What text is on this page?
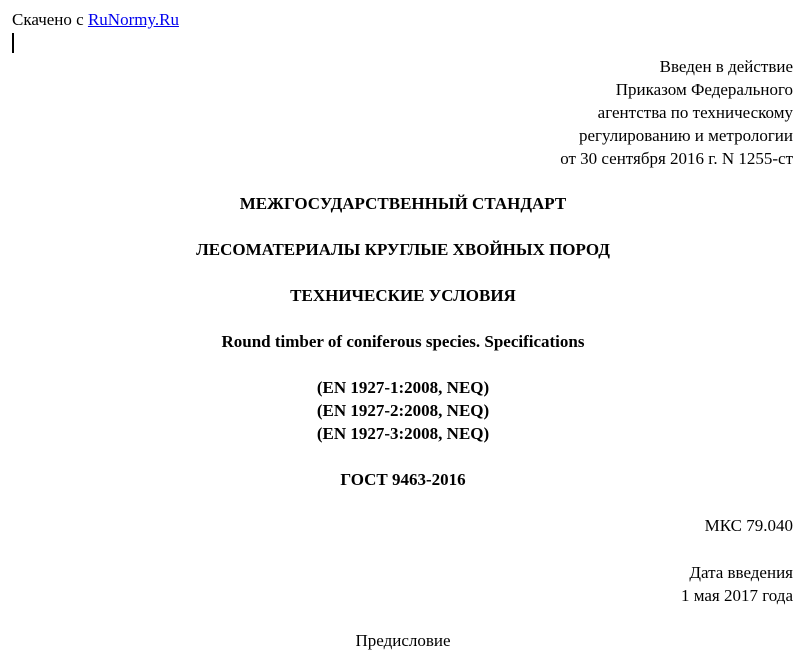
Скачено с RuNormy.Ru
Введен в действие
Приказом Федерального
агентства по техническому
регулированию и метрологии
от 30 сентября 2016 г. N 1255-ст
МЕЖГОСУДАРСТВЕННЫЙ СТАНДАРТ
ЛЕСОМАТЕРИАЛЫ КРУГЛЫЕ ХВОЙНЫХ ПОРОД
ТЕХНИЧЕСКИЕ УСЛОВИЯ
Round timber of coniferous species. Specifications
(EN 1927-1:2008, NEQ)
(EN 1927-2:2008, NEQ)
(EN 1927-3:2008, NEQ)
ГОСТ 9463-2016
МКС 79.040
Дата введения
1 мая 2017 года
Предисловие
